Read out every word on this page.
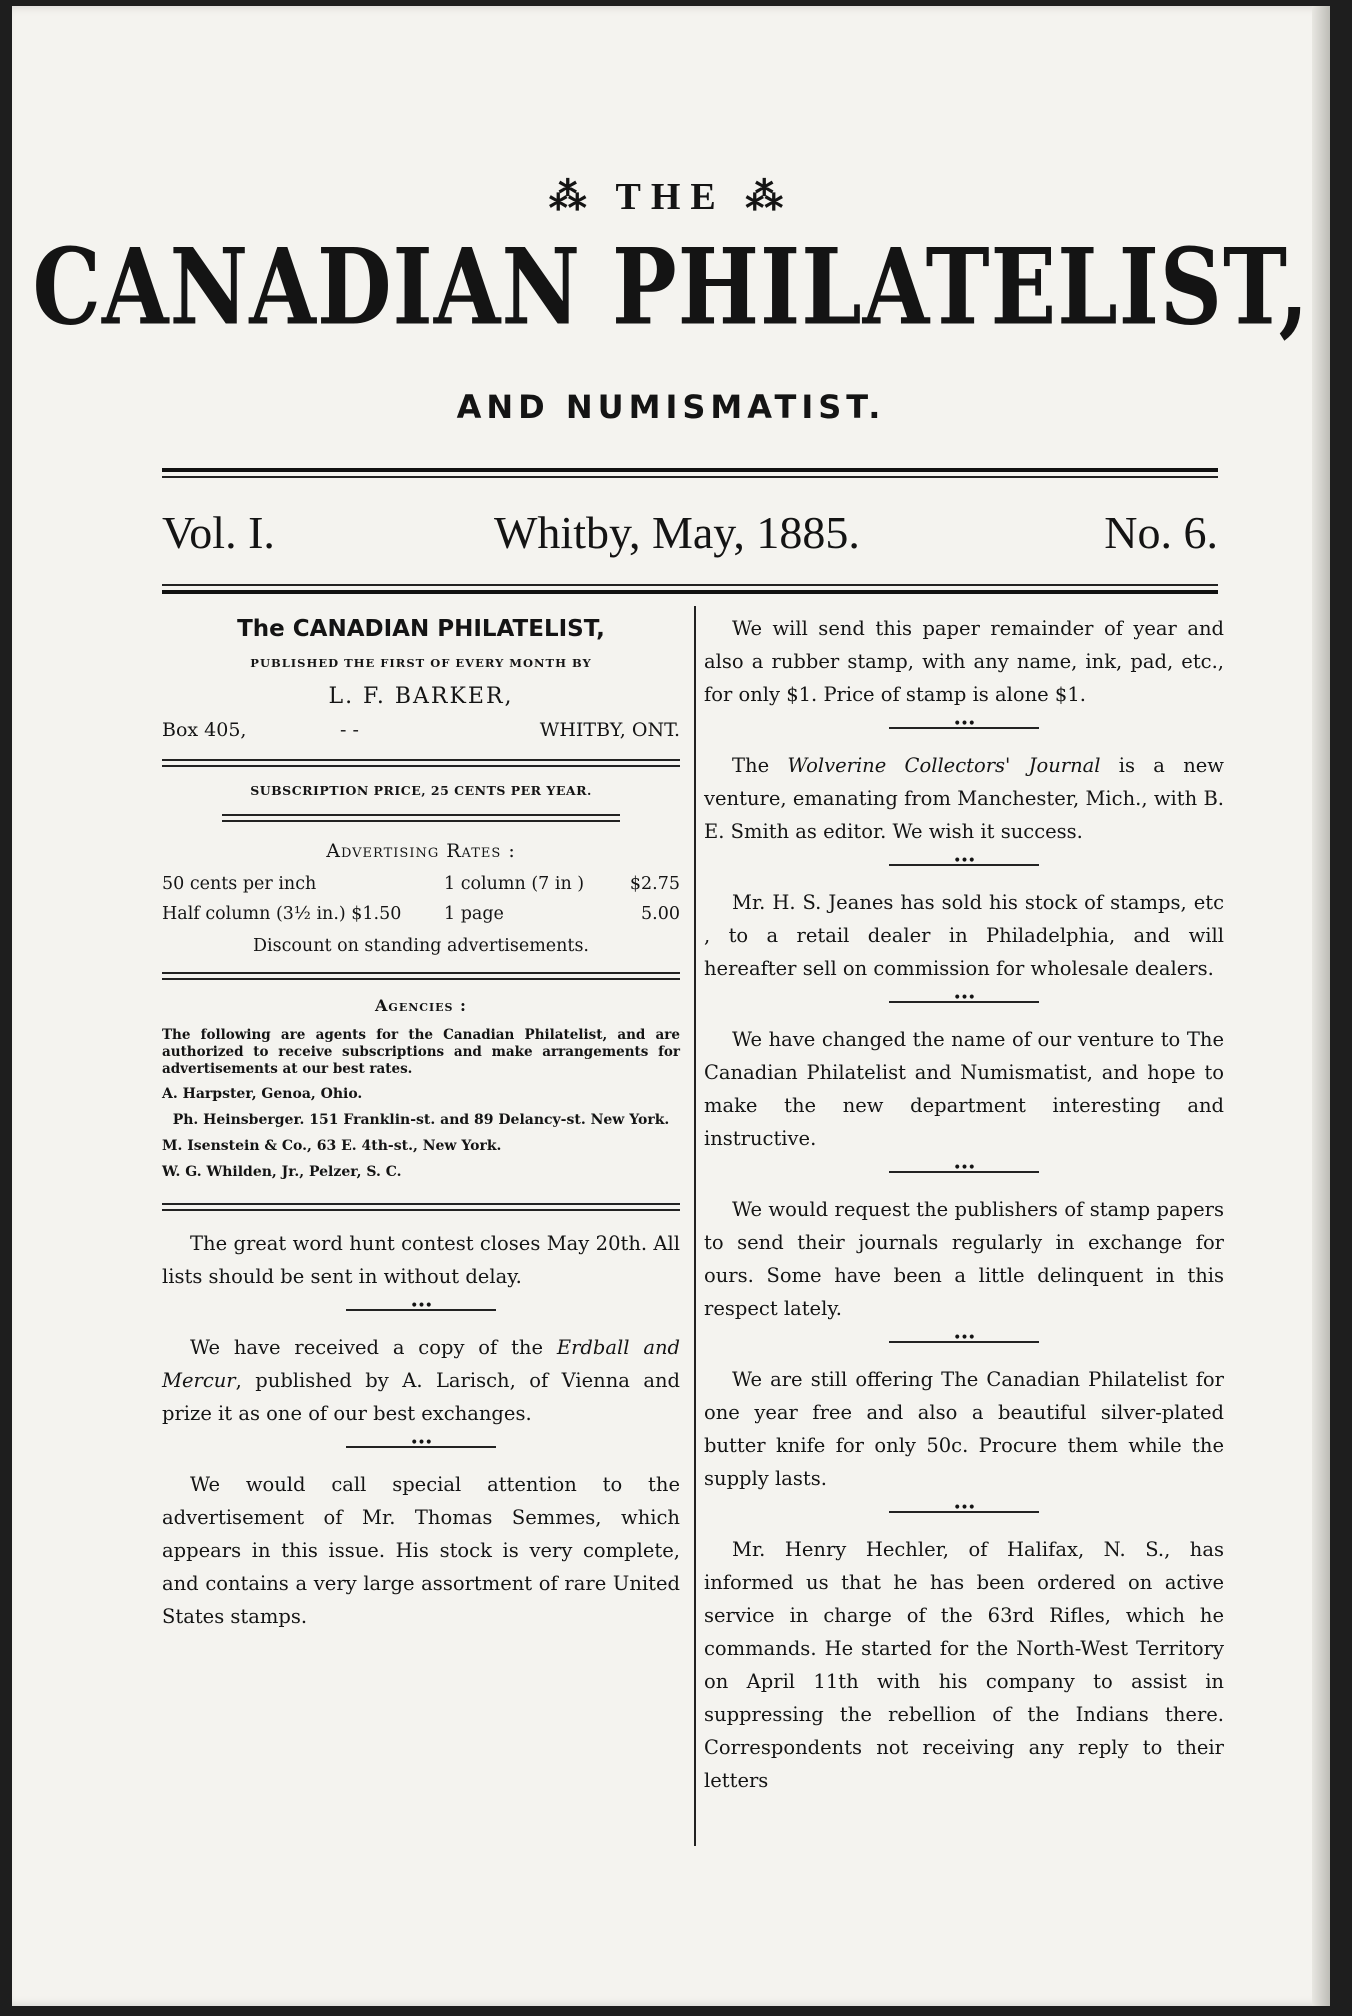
⁂ THE ⁂
CANADIAN PHILATELIST,
AND NUMISMATIST.
Vol. I.	Whitby, May, 1885.	No. 6.
The CANADIAN PHILATELIST,
PUBLISHED THE FIRST OF EVERY MONTH BY
L. F. BARKER,
Box 405,	- -	WHITBY, ONT.
SUBSCRIPTION PRICE, 25 CENTS PER YEAR.
Advertising Rates :
50 cents per inch	1 column (7 in )	$2.75
Half column (3½ in.) $1.50 1 page	5.00
Discount on standing advertisements.
Agencies :
The following are agents for the Canadian Philatelist, and are authorized to receive subscriptions and make arrangements for advertisements at our best rates.
A. Harpster, Genoa, Ohio.
Ph. Heinsberger. 151 Franklin-st. and 89 Delancy-st. New York.
M. Isenstein & Co., 63 E. 4th-st., New York.
W. G. Whilden, Jr., Pelzer, S. C.

The great word hunt contest closes May 20th. All lists should be sent in without delay.

•••

We have received a copy of the Erdball and Mercur, published by A. Larisch, of Vienna and prize it as one of our best exchanges.

•••

We would call special attention to the advertisement of Mr. Thomas Semmes, which appears in this issue. His stock is very complete, and contains a very large assortment of rare United States stamps.

We will send this paper remainder of year and also a rubber stamp, with any name, ink, pad, etc., for only $1. Price of stamp is alone $1.

•••

The Wolverine Collectors' Journal is a new venture, emanating from Manchester, Mich., with B. E. Smith as editor. We wish it success.

•••

Mr. H. S. Jeanes has sold his stock of stamps, etc , to a retail dealer in Philadelphia, and will hereafter sell on commission for wholesale dealers.

•••

We have changed the name of our venture to The Canadian Philatelist and Numismatist, and hope to make the new department interesting and instructive.

•••

We would request the publishers of stamp papers to send their journals regularly in exchange for ours. Some have been a little delinquent in this respect lately.

•••

We are still offering The Canadian Philatelist for one year free and also a beautiful silver-plated butter knife for only 50c. Procure them while the supply lasts.

•••

Mr. Henry Hechler, of Halifax, N. S., has informed us that he has been ordered on active service in charge of the 63rd Rifles, which he commands. He started for the North-West Territory on April 11th with his company to assist in suppressing the rebellion of the Indians there. Correspondents not receiving any reply to their letters
